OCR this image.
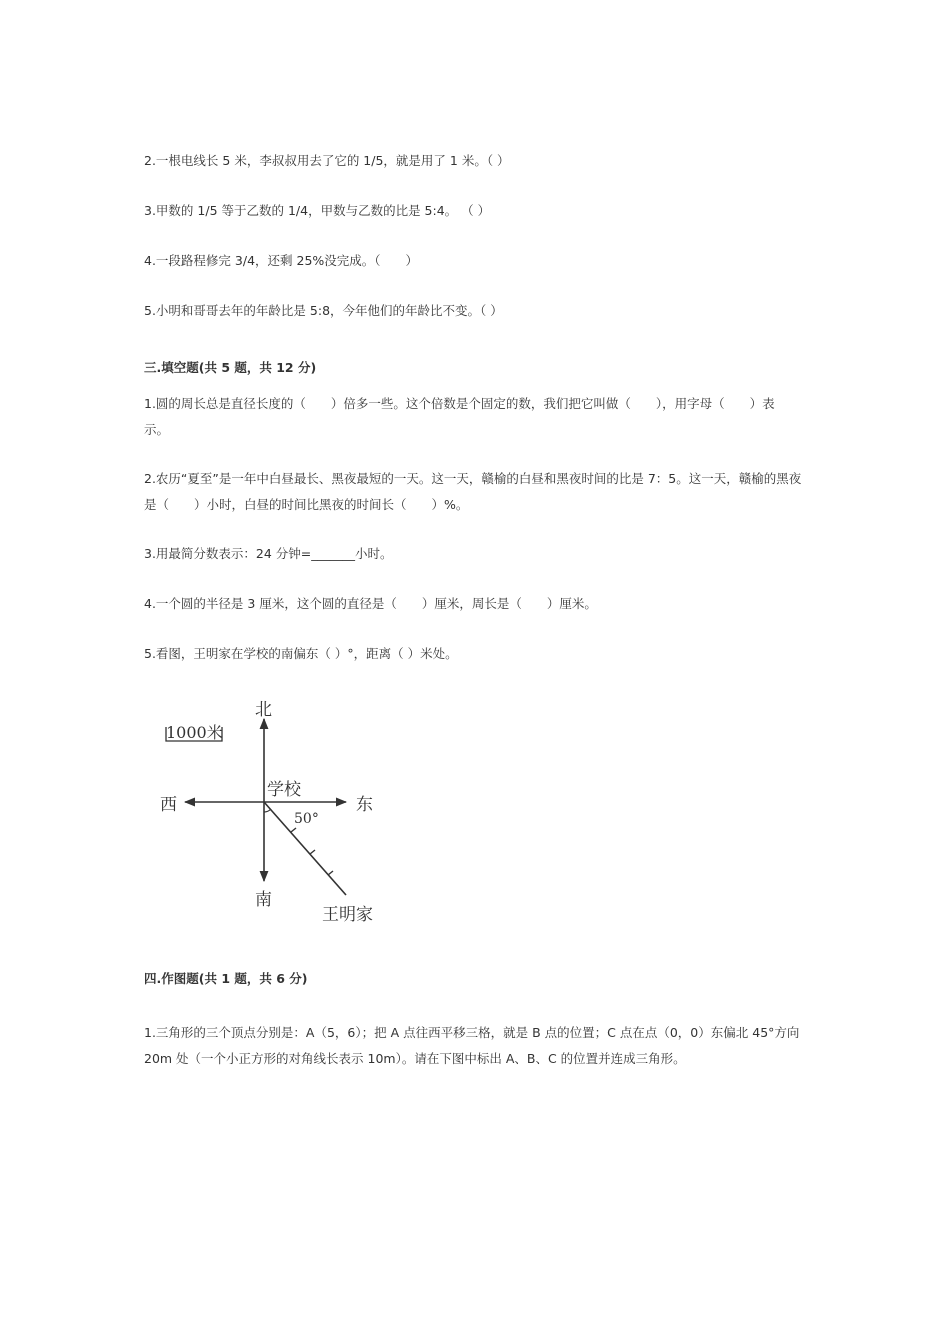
2.一根电线长 5 米，李叔叔用去了它的 1/5，就是用了 1 米。（ ）
3.甲数的 1/5 等于乙数的 1/4，甲数与乙数的比是 5:4。 （ ）
4.一段路程修完 3/4，还剩 25%没完成。（　　）
5.小明和哥哥去年的年龄比是 5:8，今年他们的年龄比不变。（ ）
三.填空题(共 5 题，共 12 分)
1.圆的周长总是直径长度的（　　）倍多一些。这个倍数是个固定的数，我们把它叫做（　　），用字母（　　）表
示。
2.农历“夏至”是一年中白昼最长、黑夜最短的一天。这一天，赣榆的白昼和黑夜时间的比是 7：5。这一天，赣榆的黑夜
是（　　）小时，白昼的时间比黑夜的时间长（　　）%。
3.用最简分数表示：24 分钟=_______小时。
4.一个圆的半径是 3 厘米，这个圆的直径是（　　）厘米，周长是（　　）厘米。
5.看图，王明家在学校的南偏东（ ）°，距离（ ）米处。
北
南
西	东
1000米
学校
50°
王明家
四.作图题(共 1 题，共 6 分)
1.三角形的三个顶点分别是：A（5，6）；把 A 点往西平移三格，就是 B 点的位置；C 点在点（0，0）东偏北 45°方向
20m 处（一个小正方形的对角线长表示 10m）。请在下图中标出 A、B、C 的位置并连成三角形。
